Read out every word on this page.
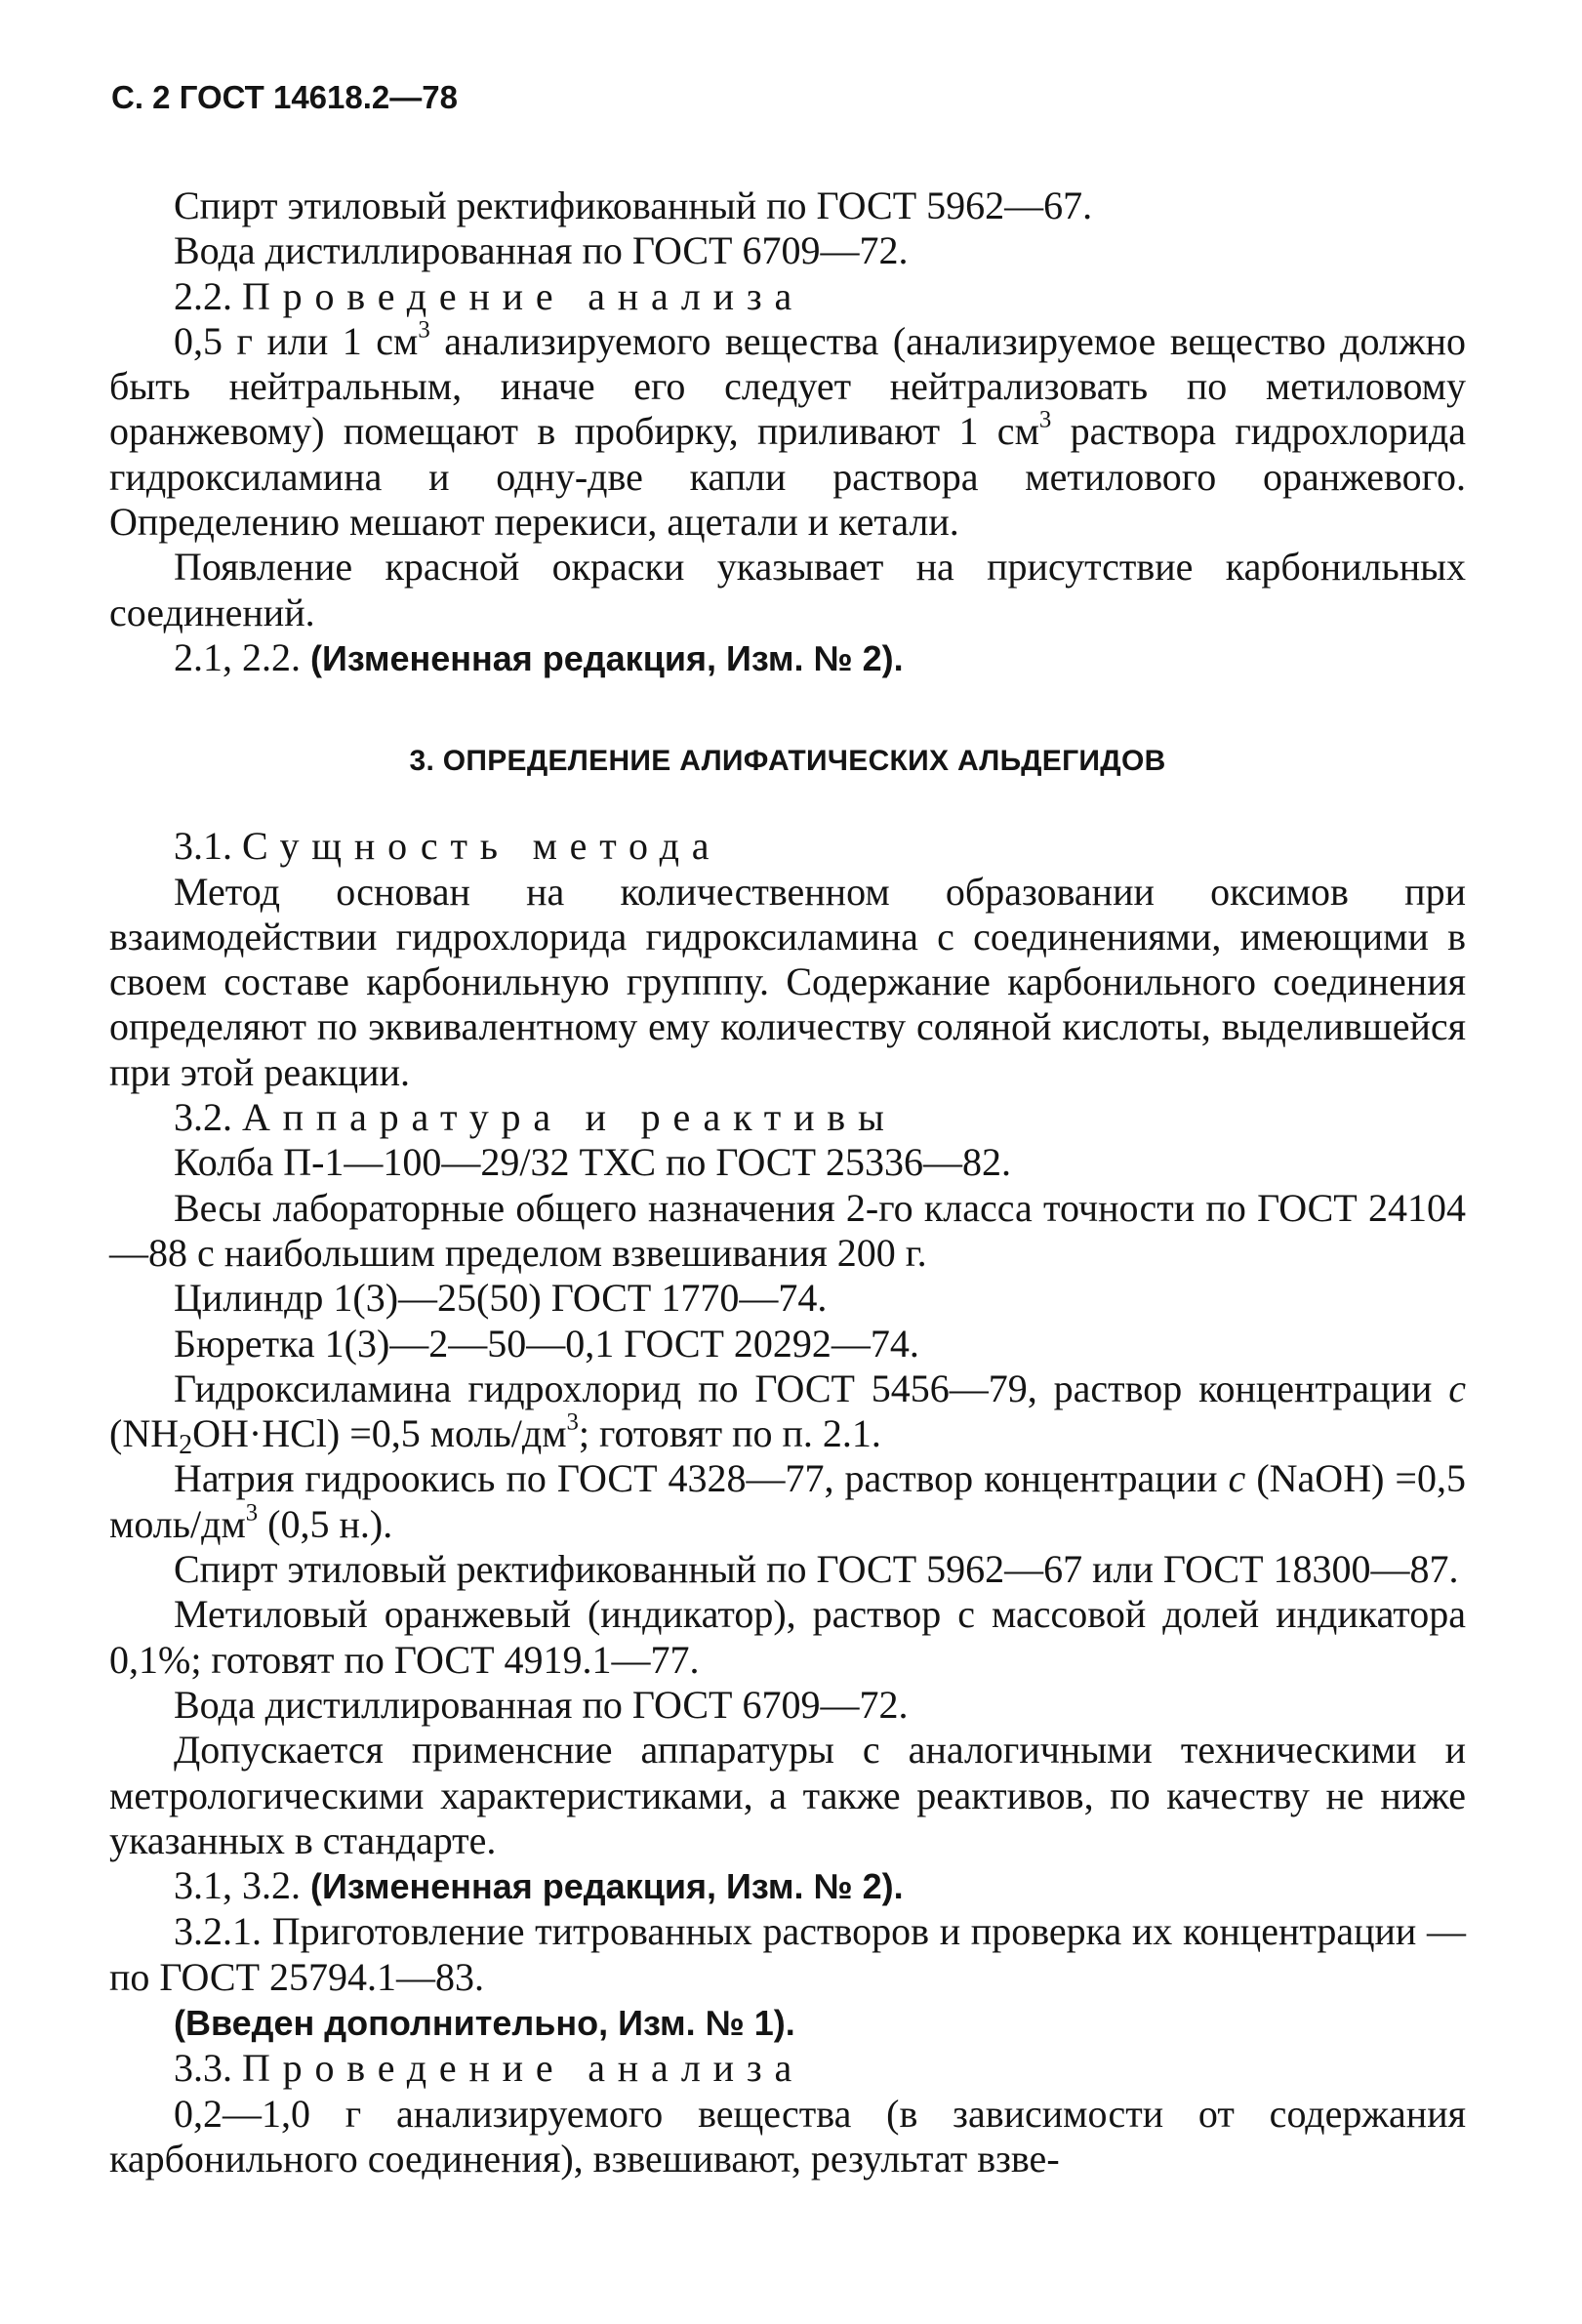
С. 2 ГОСТ 14618.2—78

Спирт этиловый ректификованный по ГОСТ 5962—67.

Вода дистиллированная по ГОСТ 6709—72.

2.2. Проведение анализа

0,5 г или 1 $см^3$ анализируемого вещества (анализируемое вещество должно быть нейтральным, иначе его следует нейтрализовать по метиловому оранжевому) помещают в пробирку, приливают 1 $см^3$ раствора гидрохлорида гидроксиламина и одну-две капли раствора метилового оранжевого. Определению мешают перекиси, ацетали и кетали.

Появление красной окраски указывает на присутствие карбонильных соединений.

2.1, 2.2. (Измененная редакция, Изм. № 2).

3. ОПРЕДЕЛЕНИЕ АЛИФАТИЧЕСКИХ АЛЬДЕГИДОВ

3.1. Сущность метода

Метод основан на количественном образовании оксимов при взаимодействии гидрохлорида гидроксиламина с соединениями, имеющими в своем составе карбонильную групппу. Содержание карбонильного соединения определяют по эквивалентному ему количеству соляной кислоты, выделившейся при этой реакции.

3.2. Аппаратура и реактивы

Колба П-1—100—29/32 ТХС по ГОСТ 25336—82.

Весы лабораторные общего назначения 2-го класса точности по ГОСТ 24104—88 с наибольшим пределом взвешивания 200 г.

Цилиндр 1(3)—25(50) ГОСТ 1770—74.

Бюретка 1(3)—2—50—0,1 ГОСТ 20292—74.

Гидроксиламина гидрохлорид по ГОСТ 5456—79, раствор концентрации c $(NH_2OH\cdot HCl) =0,5$ моль/$дм^3$; готовят по п. 2.1.

Натрия гидроокись по ГОСТ 4328—77, раствор концентрации c (NaOH) =0,5 моль/$дм^3$ (0,5 н.).

Спирт этиловый ректификованный по ГОСТ 5962—67 или ГОСТ 18300—87.

Метиловый оранжевый (индикатор), раствор с массовой долей индикатора 0,1%; готовят по ГОСТ 4919.1—77.

Вода дистиллированная по ГОСТ 6709—72.

Допускается применсние аппаратуры с аналогичными техническими и метрологическими характеристиками, а также реактивов, по качеству не ниже указанных в стандарте.

3.1, 3.2. (Измененная редакция, Изм. № 2).

3.2.1. Приготовление титрованных растворов и проверка их концентрации — по ГОСТ 25794.1—83.

(Введен дополнительно, Изм. № 1).

3.3. Проведение анализа

0,2—1,0 г анализируемого вещества (в зависимости от содержания карбонильного соединения), взвешивают, результат взве-
